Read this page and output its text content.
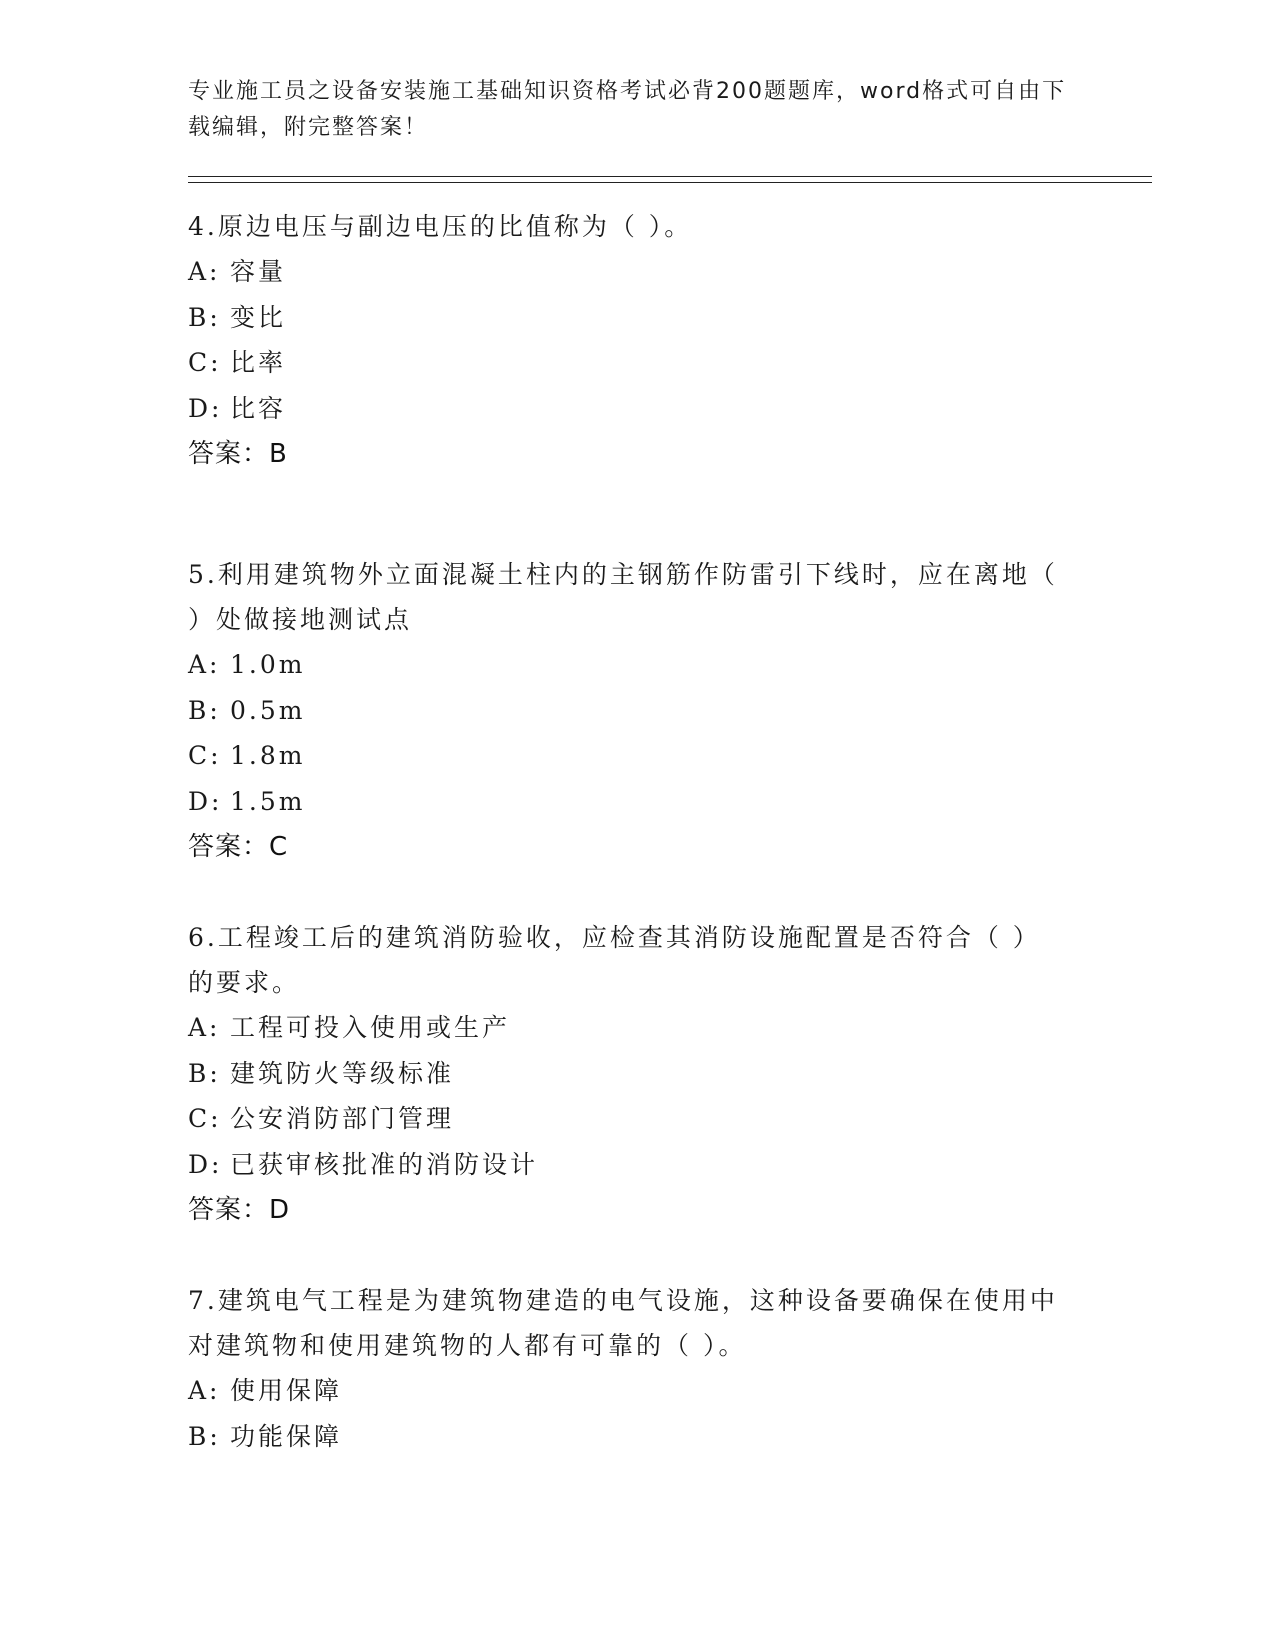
专业施工员之设备安装施工基础知识资格考试必背200题题库，word格式可自由下载编辑，附完整答案！

4.原边电压与副边电压的比值称为（ ）。

A: 容量
B: 变比
C: 比率
D: 比容
答案：B

5.利用建筑物外立面混凝土柱内的主钢筋作防雷引下线时，应在离地（ ）处做接地测试点

A: 1.0m
B: 0.5m
C: 1.8m
D: 1.5m
答案：C

6.工程竣工后的建筑消防验收，应检查其消防设施配置是否符合（ ）的要求。

A: 工程可投入使用或生产
B: 建筑防火等级标准
C: 公安消防部门管理
D: 已获审核批准的消防设计
答案：D

7.建筑电气工程是为建筑物建造的电气设施，这种设备要确保在使用中对建筑物和使用建筑物的人都有可靠的（ ）。

A: 使用保障
B: 功能保障
